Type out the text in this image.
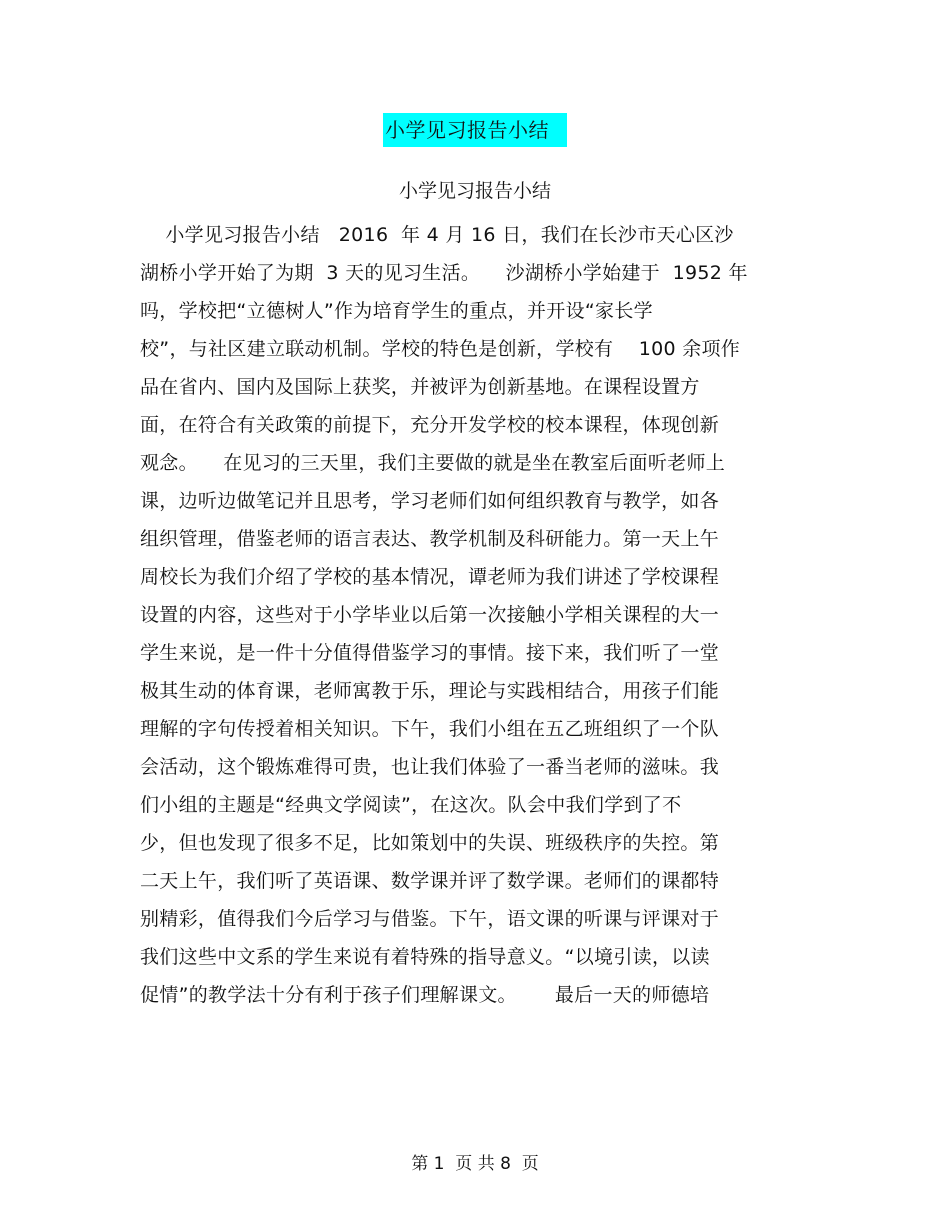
小学见习报告小结
小学见习报告小结
小学见习报告小结   2016  年 4 月 16 日，我们在长沙市天心区沙
湖桥小学开始了为期  3 天的见习生活。    沙湖桥小学始建于  1952 年
吗，学校把“立德树人”作为培育学生的重点，并开设“家长学
校”，与社区建立联动机制。学校的特色是创新，学校有    100 余项作
品在省内、国内及国际上获奖，并被评为创新基地。在课程设置方
面，在符合有关政策的前提下，充分开发学校的校本课程，体现创新
观念。    在见习的三天里，我们主要做的就是坐在教室后面听老师上
课，边听边做笔记并且思考，学习老师们如何组织教育与教学，如各
组织管理，借鉴老师的语言表达、教学机制及科研能力。第一天上午
周校长为我们介绍了学校的基本情况，谭老师为我们讲述了学校课程
设置的内容，这些对于小学毕业以后第一次接触小学相关课程的大一
学生来说，是一件十分值得借鉴学习的事情。接下来，我们听了一堂
极其生动的体育课，老师寓教于乐，理论与实践相结合，用孩子们能
理解的字句传授着相关知识。下午，我们小组在五乙班组织了一个队
会活动，这个锻炼难得可贵，也让我们体验了一番当老师的滋味。我
们小组的主题是“经典文学阅读”，在这次。队会中我们学到了不
少，但也发现了很多不足，比如策划中的失误、班级秩序的失控。第
二天上午，我们听了英语课、数学课并评了数学课。老师们的课都特
别精彩，值得我们今后学习与借鉴。下午，语文课的听课与评课对于
我们这些中文系的学生来说有着特殊的指导意义。“以境引读，以读
促情”的教学法十分有利于孩子们理解课文。      最后一天的师德培
第 1  页 共 8  页
